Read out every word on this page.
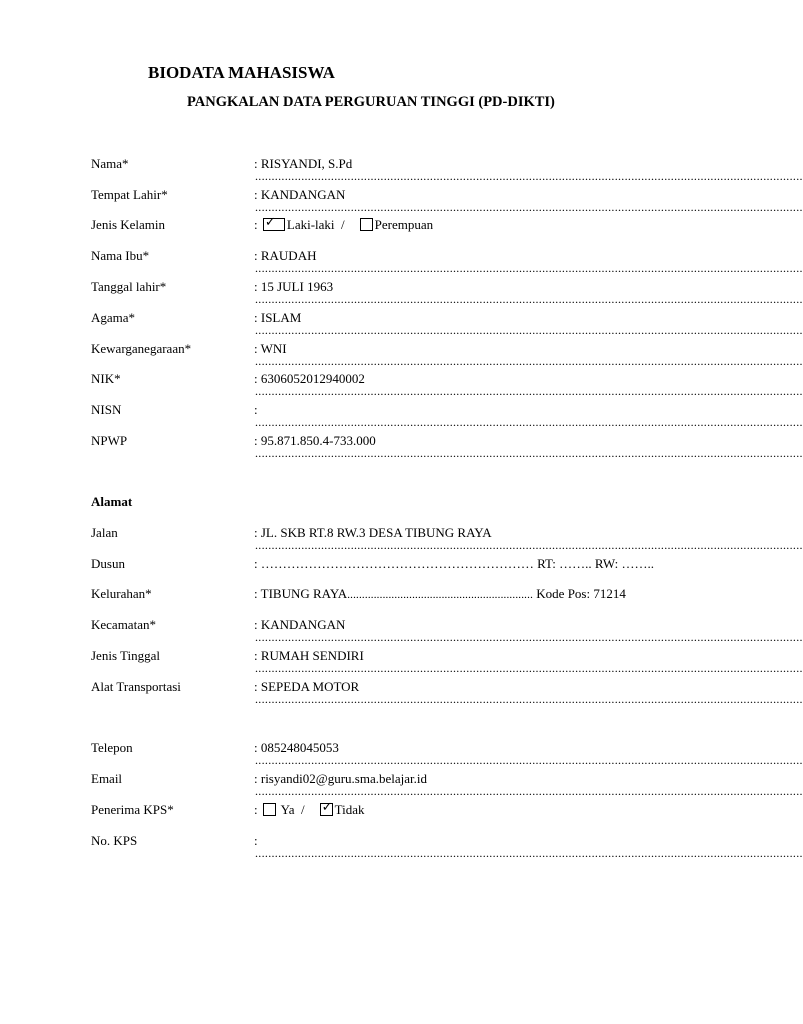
BIODATA MAHASISWA
PANGKALAN DATA PERGURUAN TINGGI (PD-DIKTI)
Nama*	: RISYANDI, S.Pd
......................................................................................................................................................................
Tempat Lahir*	: KANDANGAN
......................................................................................................................................................................
Jenis Kelamin	: ✓ Laki-laki / Perempuan
Nama Ibu*	: RAUDAH
......................................................................................................................................................................
Tanggal lahir*	: 15 JULI 1963
......................................................................................................................................................................
Agama*	: ISLAM
......................................................................................................................................................................
Kewarganegaraan*	: WNI
......................................................................................................................................................................
NIK*	: 6306052012940002
......................................................................................................................................................................
NISN	:
......................................................................................................................................................................
NPWP	: 95.871.850.4-733.000
......................................................................................................................................................................
Alamat
Jalan	: JL. SKB RT.8 RW.3 DESA TIBUNG RAYA
......................................................................................................................................................................
Dusun	: ……………………………………………………… RT: …….. RW: ……..
Kelurahan*	: TIBUNG RAYA............................................................... Kode Pos: 71214
Kecamatan*	: KANDANGAN
......................................................................................................................................................................
Jenis Tinggal	: RUMAH SENDIRI
......................................................................................................................................................................
Alat Transportasi	: SEPEDA MOTOR
......................................................................................................................................................................
Telepon	: 085248045053
......................................................................................................................................................................
Email	: risyandi02@guru.sma.belajar.id
......................................................................................................................................................................
Penerima KPS*	: Ya / ✓ Tidak
No. KPS	:
......................................................................................................................................................................
